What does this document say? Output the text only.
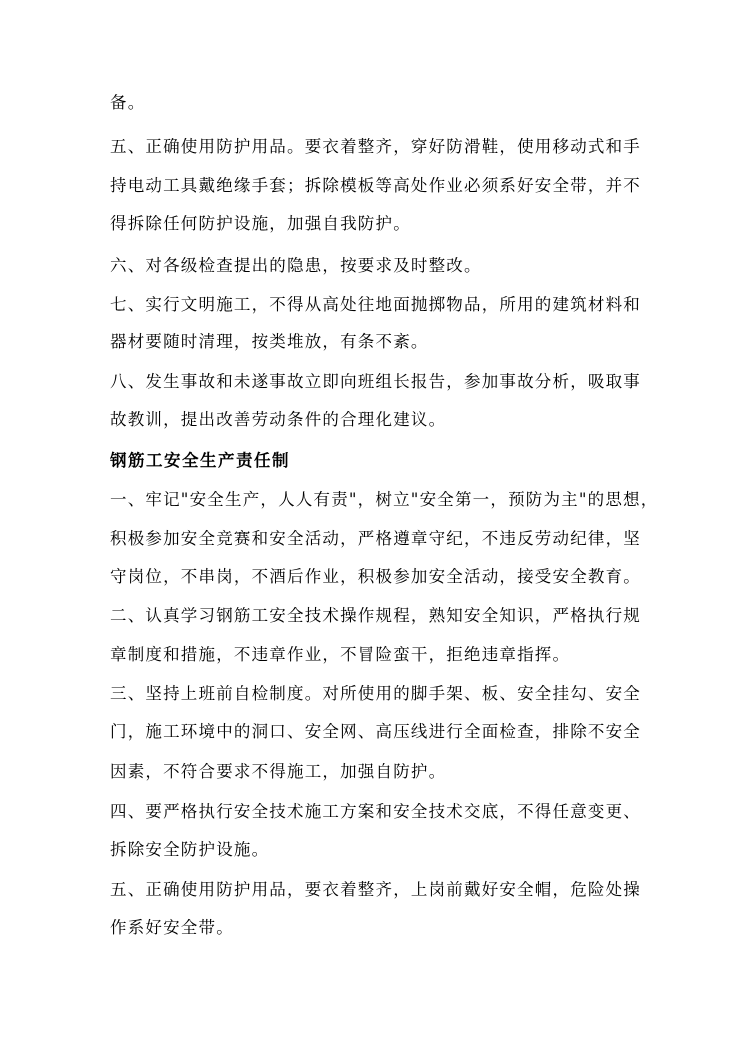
备。
五、正确使用防护用品。要衣着整齐，穿好防滑鞋，使用移动式和手
持电动工具戴绝缘手套；拆除模板等高处作业必须系好安全带，并不
得拆除任何防护设施，加强自我防护。
六、对各级检查提出的隐患，按要求及时整改。
七、实行文明施工，不得从高处往地面抛掷物品，所用的建筑材料和
器材要随时清理，按类堆放，有条不紊。
八、发生事故和未遂事故立即向班组长报告，参加事故分析，吸取事
故教训，提出改善劳动条件的合理化建议。
钢筋工安全生产责任制
一、牢记"安全生产，人人有责"，树立"安全第一，预防为主"的思想，
积极参加安全竞赛和安全活动，严格遵章守纪，不违反劳动纪律，坚
守岗位，不串岗，不酒后作业，积极参加安全活动，接受安全教育。
二、认真学习钢筋工安全技术操作规程，熟知安全知识，严格执行规
章制度和措施，不违章作业，不冒险蛮干，拒绝违章指挥。
三、坚持上班前自检制度。对所使用的脚手架、板、安全挂勾、安全
门，施工环境中的洞口、安全网、高压线进行全面检查，排除不安全
因素，不符合要求不得施工，加强自防护。
四、要严格执行安全技术施工方案和安全技术交底，不得任意变更、
拆除安全防护设施。
五、正确使用防护用品，要衣着整齐，上岗前戴好安全帽，危险处操
作系好安全带。
